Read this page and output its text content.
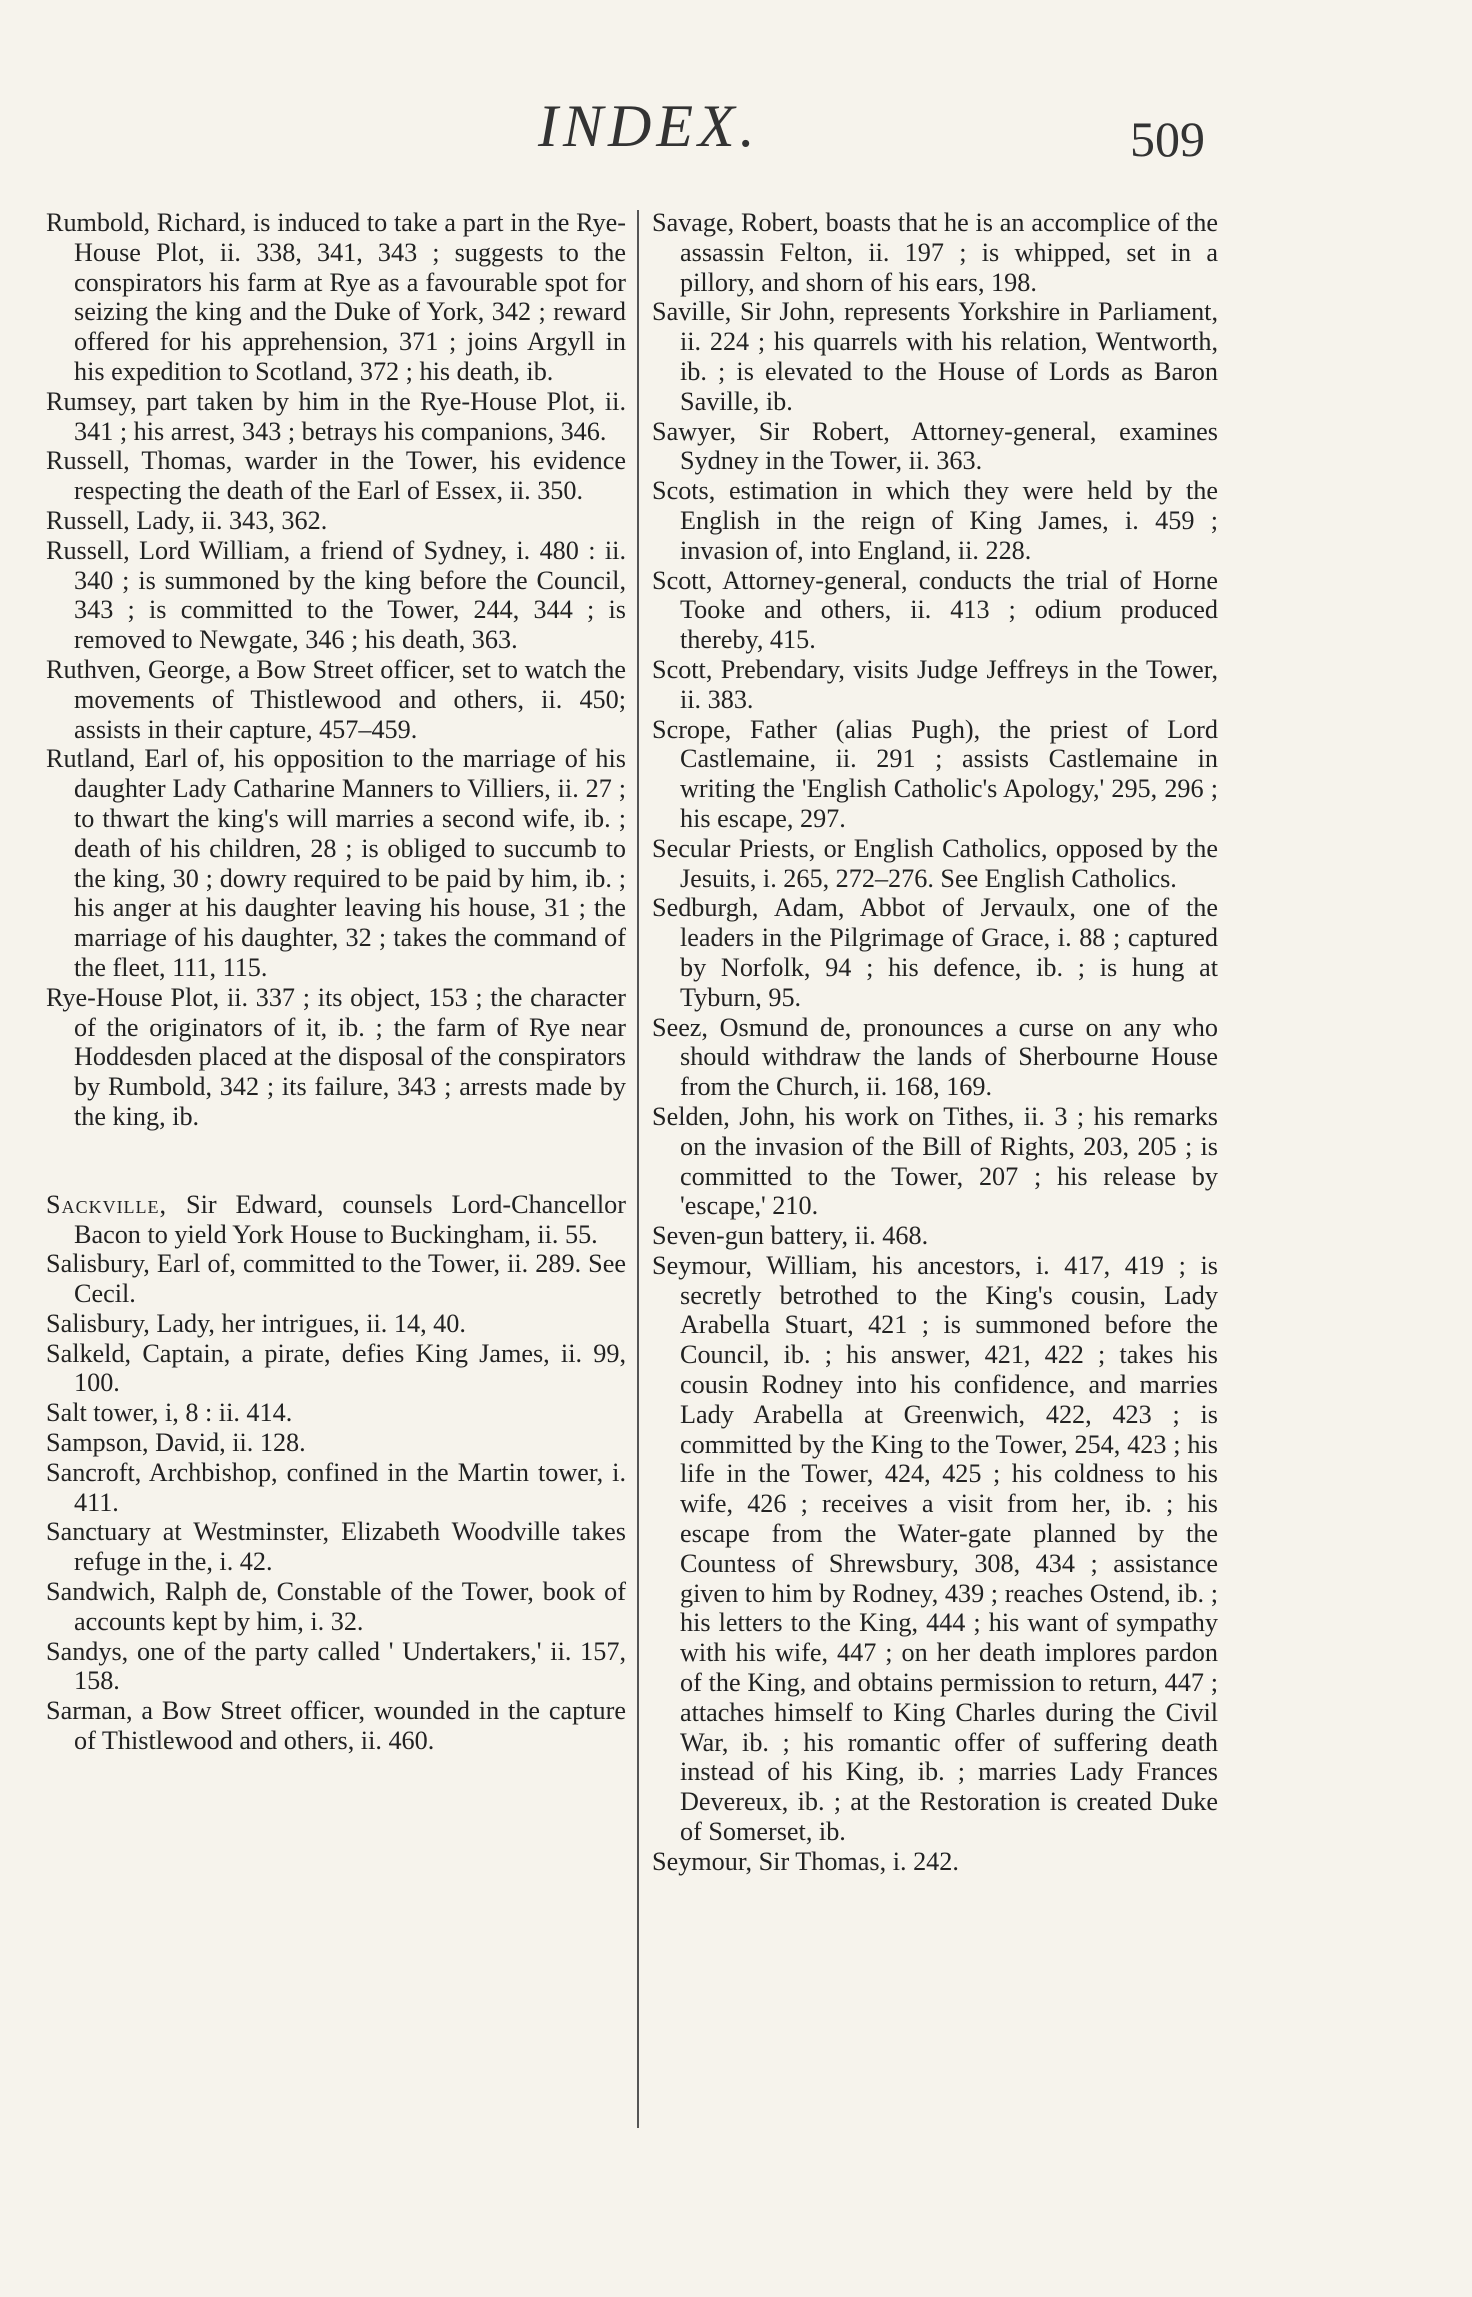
INDEX.	509

Rumbold, Richard, is induced to take a part in the Rye-House Plot, ii. 338, 341, 343 ; suggests to the conspirators his farm at Rye as a favourable spot for seizing the king and the Duke of York, 342 ; reward offered for his apprehension, 371 ; joins Argyll in his expedition to Scotland, 372 ; his death, ib.

Rumsey, part taken by him in the Rye-House Plot, ii. 341 ; his arrest, 343 ; betrays his companions, 346.

Russell, Thomas, warder in the Tower, his evidence respecting the death of the Earl of Essex, ii. 350.

Russell, Lady, ii. 343, 362.

Russell, Lord William, a friend of Sydney, i. 480 : ii. 340 ; is summoned by the king before the Council, 343 ; is committed to the Tower, 244, 344 ; is removed to Newgate, 346 ; his death, 363.

Ruthven, George, a Bow Street officer, set to watch the movements of Thistlewood and others, ii. 450; assists in their capture, 457–459.

Rutland, Earl of, his opposition to the marriage of his daughter Lady Catharine Manners to Villiers, ii. 27 ; to thwart the king's will marries a second wife, ib. ; death of his children, 28 ; is obliged to succumb to the king, 30 ; dowry required to be paid by him, ib. ; his anger at his daughter leaving his house, 31 ; the marriage of his daughter, 32 ; takes the command of the fleet, 111, 115.

Rye-House Plot, ii. 337 ; its object, 153 ; the character of the originators of it, ib. ; the farm of Rye near Hoddesden placed at the disposal of the conspirators by Rumbold, 342 ; its failure, 343 ; arrests made by the king, ib.

Sackville, Sir Edward, counsels Lord-Chancellor Bacon to yield York House to Buckingham, ii. 55.

Salisbury, Earl of, committed to the Tower, ii. 289. See Cecil.

Salisbury, Lady, her intrigues, ii. 14, 40.

Salkeld, Captain, a pirate, defies King James, ii. 99, 100.

Salt tower, i, 8 : ii. 414.

Sampson, David, ii. 128.

Sancroft, Archbishop, confined in the Martin tower, i. 411.

Sanctuary at Westminster, Elizabeth Woodville takes refuge in the, i. 42.

Sandwich, Ralph de, Constable of the Tower, book of accounts kept by him, i. 32.

Sandys, one of the party called ' Undertakers,' ii. 157, 158.

Sarman, a Bow Street officer, wounded in the capture of Thistlewood and others, ii. 460.

Savage, Robert, boasts that he is an accomplice of the assassin Felton, ii. 197 ; is whipped, set in a pillory, and shorn of his ears, 198.

Saville, Sir John, represents Yorkshire in Parliament, ii. 224 ; his quarrels with his relation, Wentworth, ib. ; is elevated to the House of Lords as Baron Saville, ib.

Sawyer, Sir Robert, Attorney-general, examines Sydney in the Tower, ii. 363.

Scots, estimation in which they were held by the English in the reign of King James, i. 459 ; invasion of, into England, ii. 228.

Scott, Attorney-general, conducts the trial of Horne Tooke and others, ii. 413 ; odium produced thereby, 415.

Scott, Prebendary, visits Judge Jeffreys in the Tower, ii. 383.

Scrope, Father (alias Pugh), the priest of Lord Castlemaine, ii. 291 ; assists Castlemaine in writing the 'English Catholic's Apology,' 295, 296 ; his escape, 297.

Secular Priests, or English Catholics, opposed by the Jesuits, i. 265, 272–276. See English Catholics.

Sedburgh, Adam, Abbot of Jervaulx, one of the leaders in the Pilgrimage of Grace, i. 88 ; captured by Norfolk, 94 ; his defence, ib. ; is hung at Tyburn, 95.

Seez, Osmund de, pronounces a curse on any who should withdraw the lands of Sherbourne House from the Church, ii. 168, 169.

Selden, John, his work on Tithes, ii. 3 ; his remarks on the invasion of the Bill of Rights, 203, 205 ; is committed to the Tower, 207 ; his release by 'escape,' 210.

Seven-gun battery, ii. 468.

Seymour, William, his ancestors, i. 417, 419 ; is secretly betrothed to the King's cousin, Lady Arabella Stuart, 421 ; is summoned before the Council, ib. ; his answer, 421, 422 ; takes his cousin Rodney into his confidence, and marries Lady Arabella at Greenwich, 422, 423 ; is committed by the King to the Tower, 254, 423 ; his life in the Tower, 424, 425 ; his coldness to his wife, 426 ; receives a visit from her, ib. ; his escape from the Water-gate planned by the Countess of Shrewsbury, 308, 434 ; assistance given to him by Rodney, 439 ; reaches Ostend, ib. ; his letters to the King, 444 ; his want of sympathy with his wife, 447 ; on her death implores pardon of the King, and obtains permission to return, 447 ; attaches himself to King Charles during the Civil War, ib. ; his romantic offer of suffering death instead of his King, ib. ; marries Lady Frances Devereux, ib. ; at the Restoration is created Duke of Somerset, ib.

Seymour, Sir Thomas, i. 242.
